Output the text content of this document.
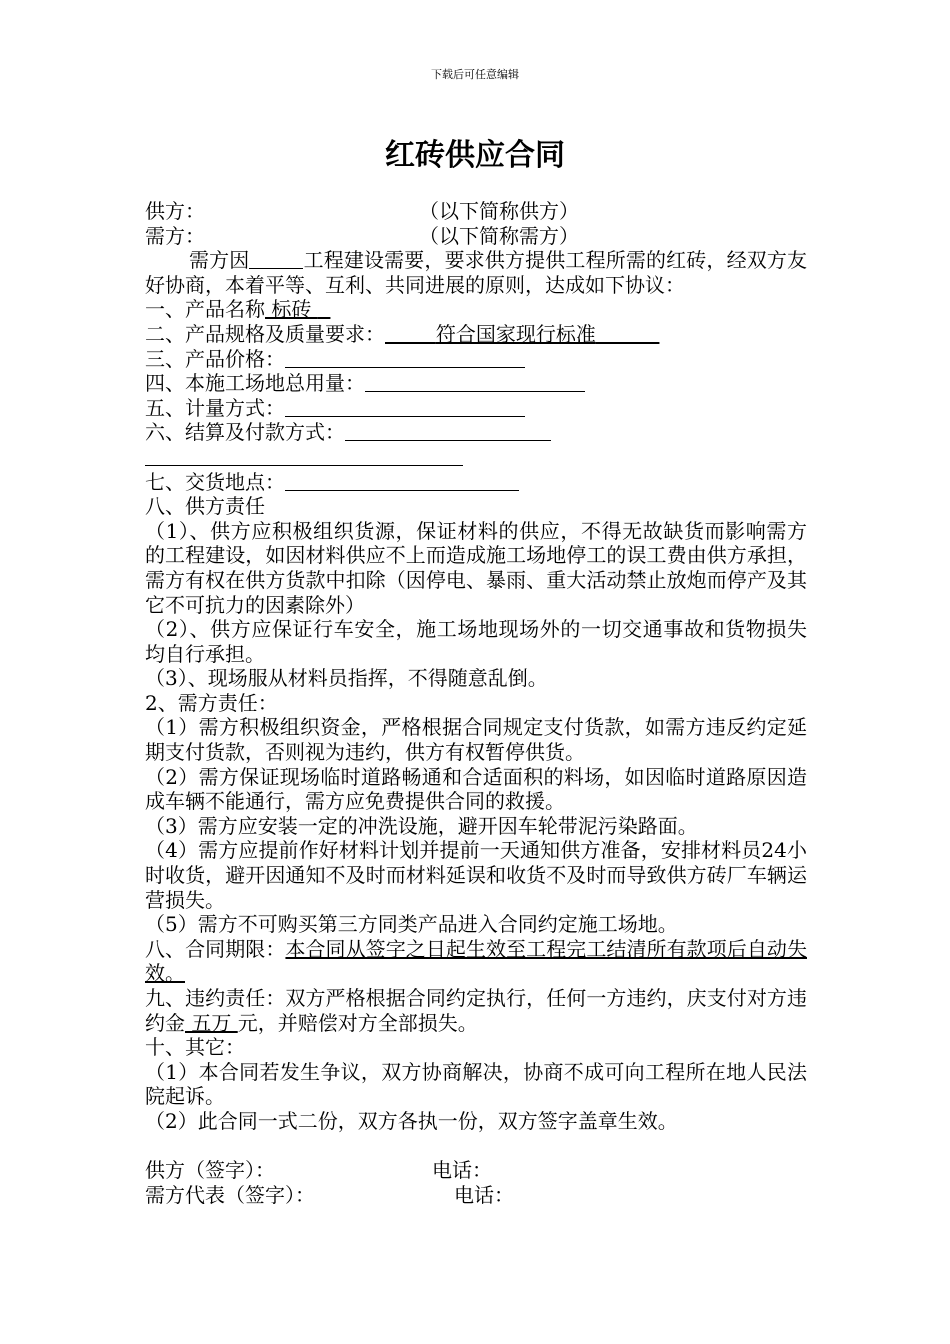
下载后可任意编辑
红砖供应合同
供方：	（以下简称供方）
需方：	（以下简称需方）
需方因	工程建设需要，要求供方提供工程所需的红砖，经双方友好协商，本着平等、互利、共同进展的原则，达成如下协议：
一、产品名称 标砖
二、产品规格及质量要求：	符合国家现行标准
三、产品价格：
四、本施工场地总用量：
五、计量方式：
六、结算及付款方式：
七、交货地点：
八、供方责任
（1）、供方应积极组织货源，保证材料的供应，不得无故缺货而影响需方的工程建设，如因材料供应不上而造成施工场地停工的误工费由供方承担，需方有权在供方货款中扣除（因停电、暴雨、重大活动禁止放炮而停产及其它不可抗力的因素除外）
（2）、供方应保证行车安全，施工场地现场外的一切交通事故和货物损失均自行承担。
（3）、现场服从材料员指挥，不得随意乱倒。
2、需方责任：
（1）需方积极组织资金，严格根据合同规定支付货款，如需方违反约定延期支付货款，否则视为违约，供方有权暂停供货。
（2）需方保证现场临时道路畅通和合适面积的料场，如因临时道路原因造成车辆不能通行，需方应免费提供合同的救援。
（3）需方应安装一定的冲洗设施，避开因车轮带泥污染路面。
（4）需方应提前作好材料计划并提前一天通知供方准备，安排材料员24小时收货，避开因通知不及时而材料延误和收货不及时而导致供方砖厂车辆运营损失。
（5）需方不可购买第三方同类产品进入合同约定施工场地。
八、合同期限：本合同从签字之日起生效至工程完工结清所有款项后自动失效。
九、违约责任：双方严格根据合同约定执行，任何一方违约，庆支付对方违约金 五万 元，并赔偿对方全部损失。
十、其它：
（1）本合同若发生争议，双方协商解决，协商不成可向工程所在地人民法院起诉。
（2）此合同一式二份，双方各执一份，双方签字盖章生效。
供方（签字）：	电话：
需方代表（签字）：	电话：
